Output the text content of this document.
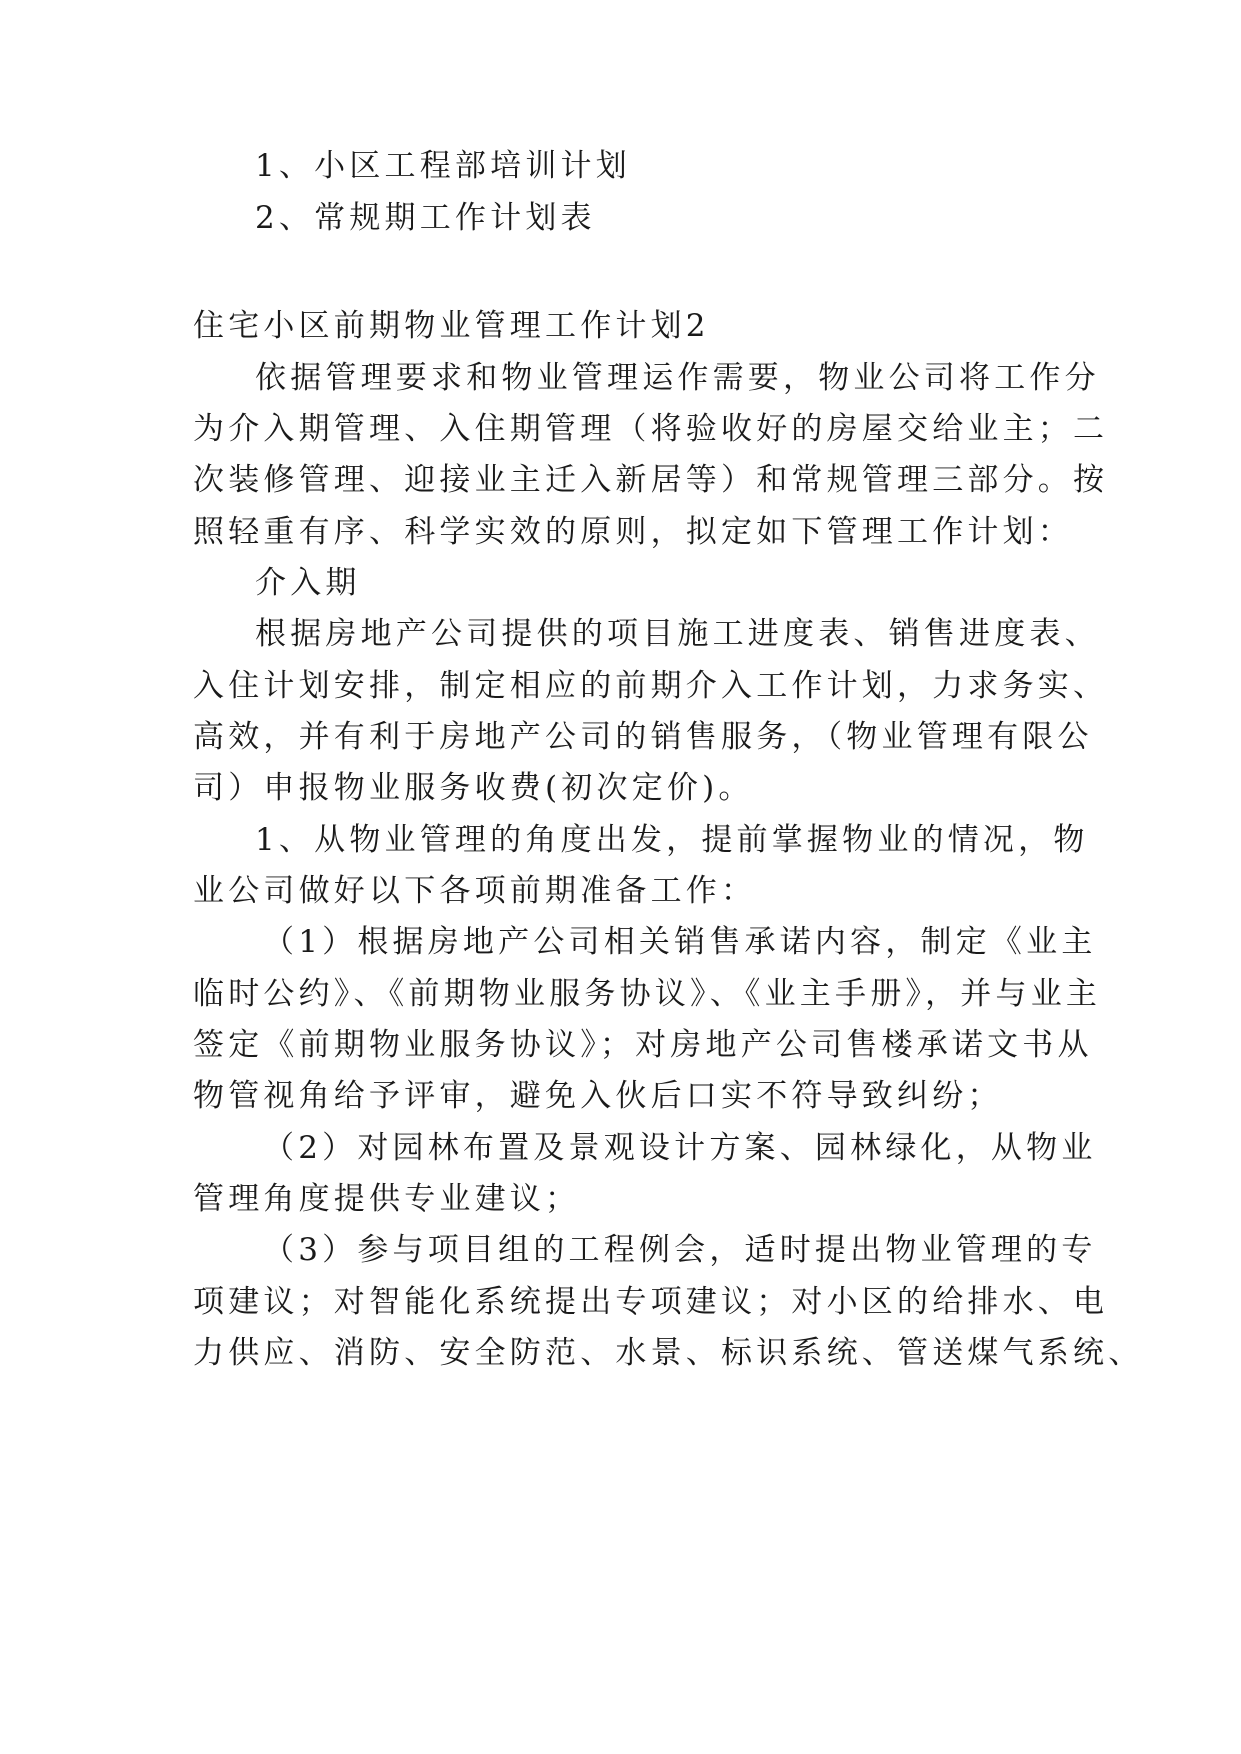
1、小区工程部培训计划
2、常规期工作计划表
住宅小区前期物业管理工作计划2
依据管理要求和物业管理运作需要，物业公司将工作分
为介入期管理、入住期管理（将验收好的房屋交给业主；二
次装修管理、迎接业主迁入新居等）和常规管理三部分。按
照轻重有序、科学实效的原则，拟定如下管理工作计划：
介入期
根据房地产公司提供的项目施工进度表、销售进度表、
入住计划安排，制定相应的前期介入工作计划，力求务实、
高效，并有利于房地产公司的销售服务，（物业管理有限公
司）申报物业服务收费(初次定价)。
1、从物业管理的角度出发，提前掌握物业的情况，物
业公司做好以下各项前期准备工作：
（1）根据房地产公司相关销售承诺内容，制定《业主
临时公约》、《前期物业服务协议》、《业主手册》，并与业主
签定《前期物业服务协议》；对房地产公司售楼承诺文书从
物管视角给予评审，避免入伙后口实不符导致纠纷；
（2）对园林布置及景观设计方案、园林绿化，从物业
管理角度提供专业建议；
（3）参与项目组的工程例会，适时提出物业管理的专
项建议；对智能化系统提出专项建议；对小区的给排水、电
力供应、消防、安全防范、水景、标识系统、管送煤气系统、
